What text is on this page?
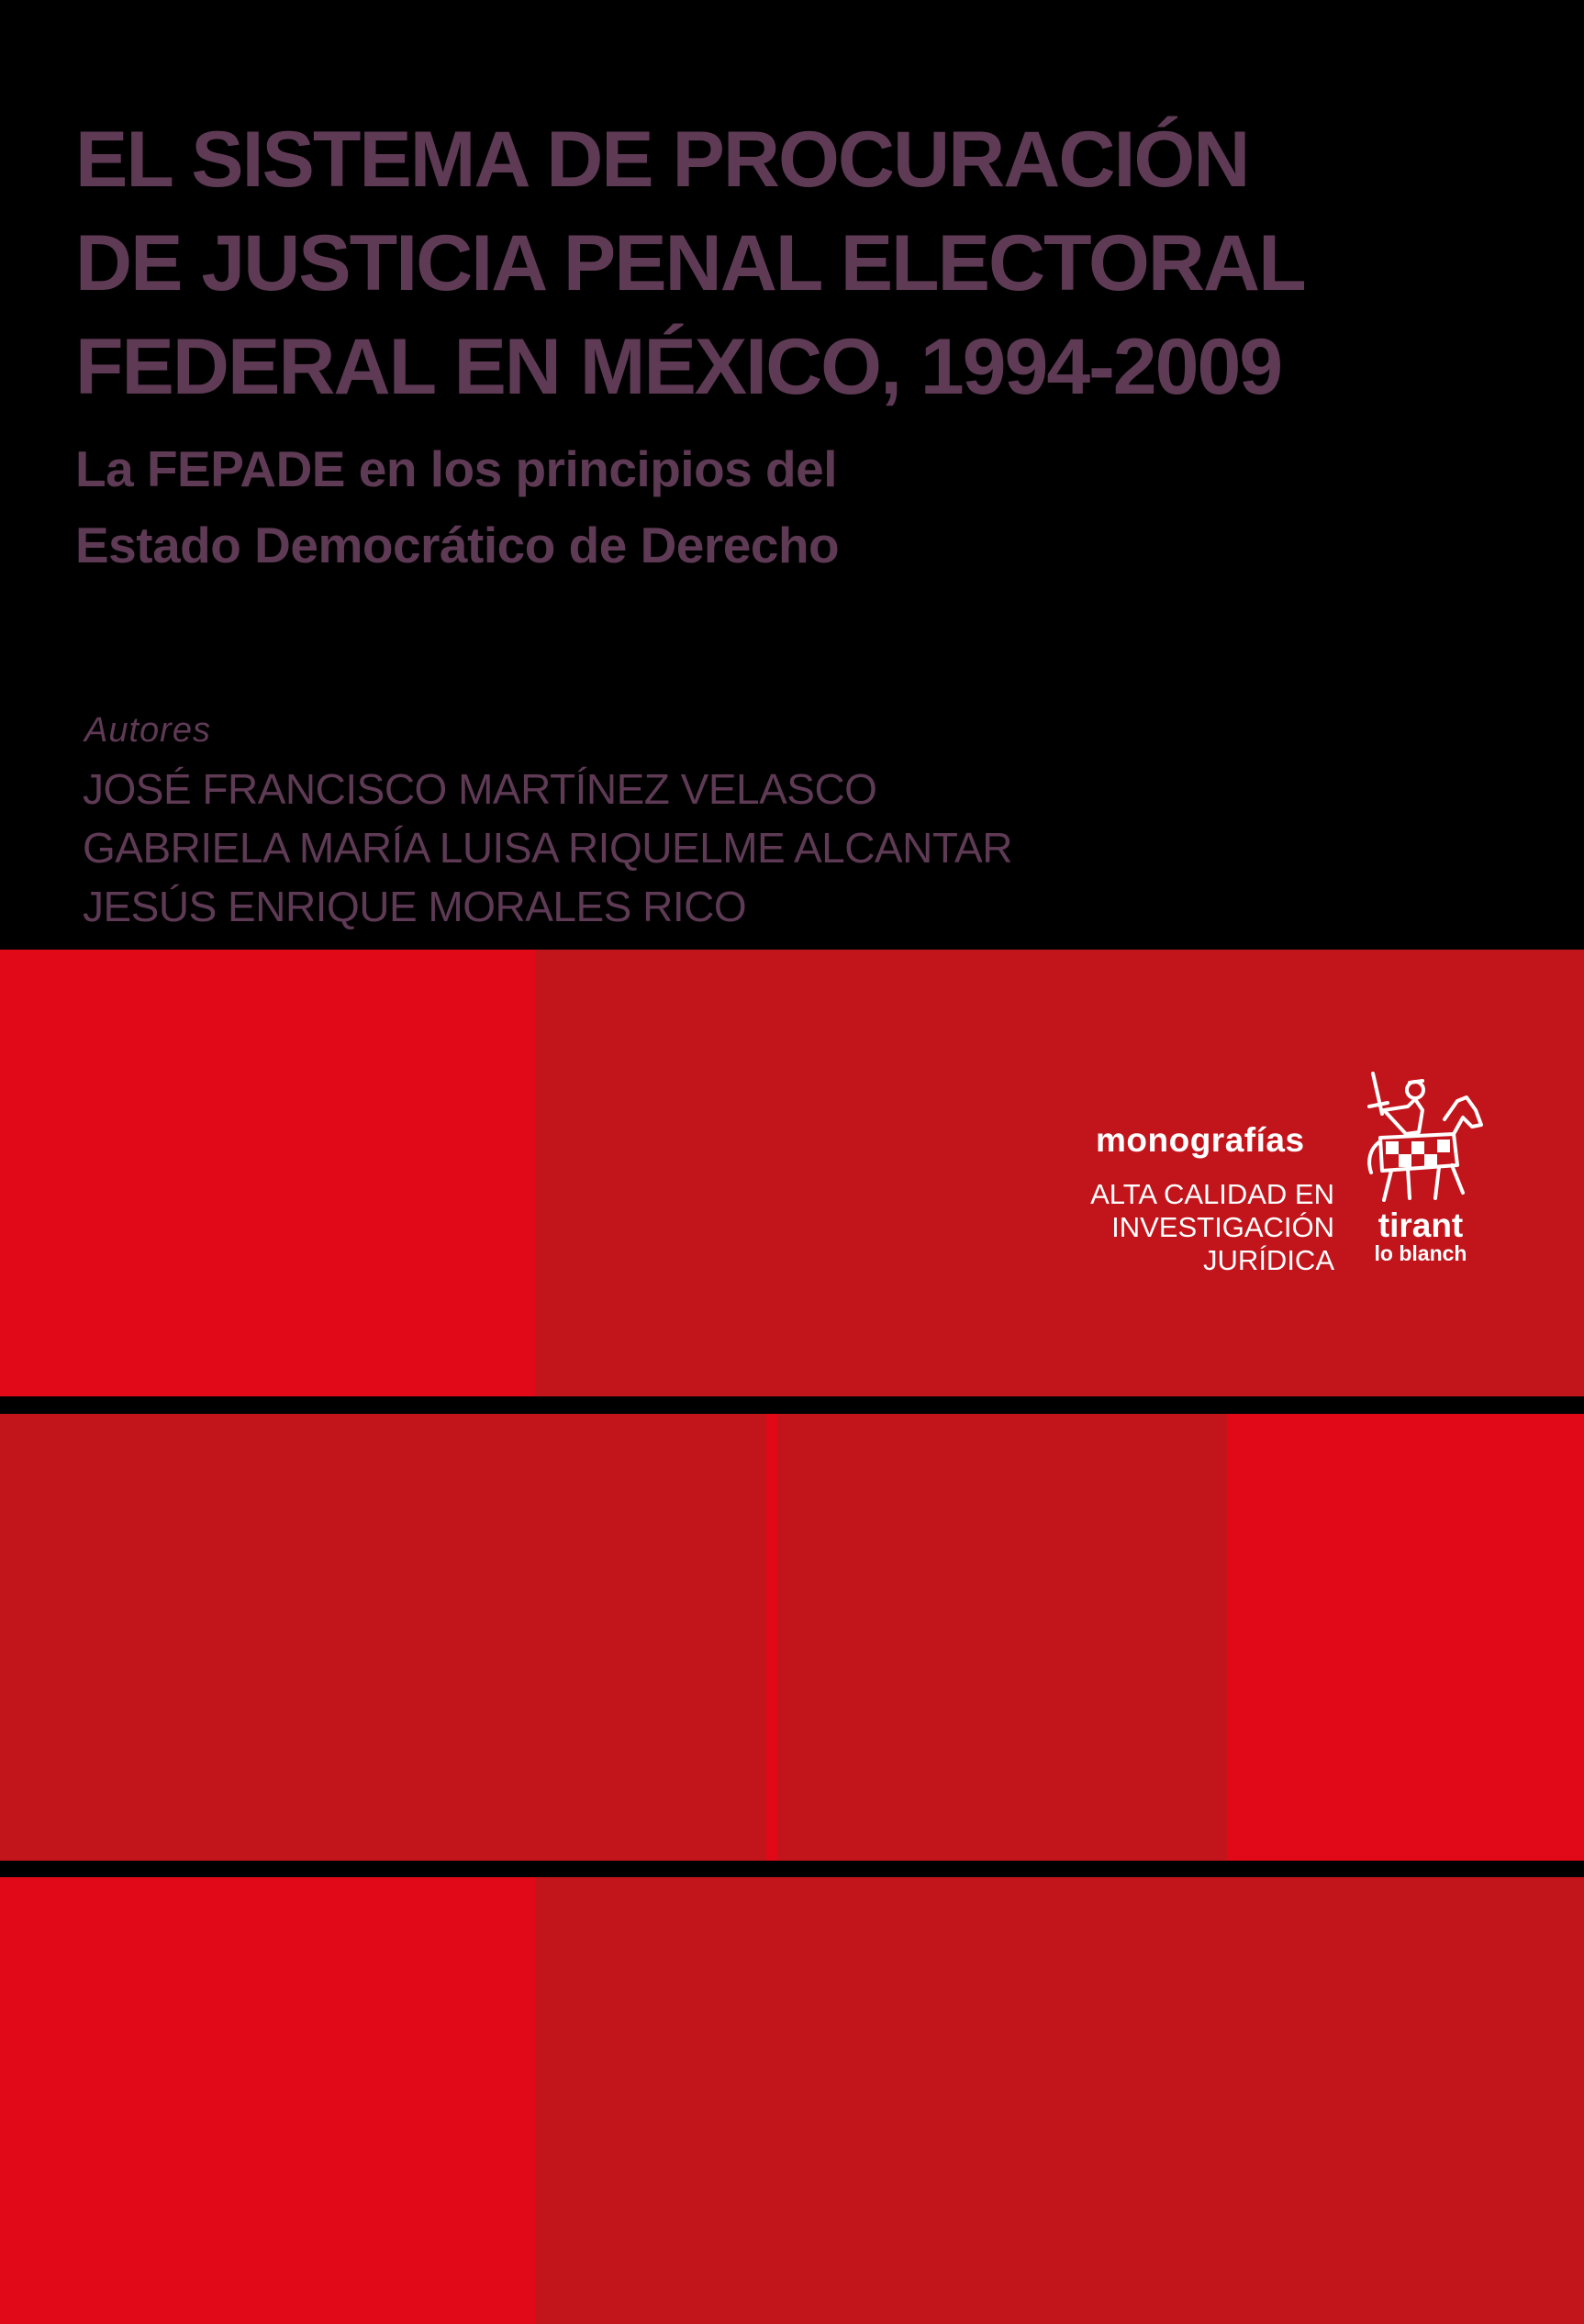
EL SISTEMA DE PROCURACIÓN
DE JUSTICIA PENAL ELECTORAL
FEDERAL EN MÉXICO, 1994-2009
La FEPADE en los principios del
Estado Democrático de Derecho
Autores
JOSÉ FRANCISCO MARTÍNEZ VELASCO
GABRIELA MARÍA LUISA RIQUELME ALCANTAR
JESÚS ENRIQUE MORALES RICO
monografías
ALTA CALIDAD EN
INVESTIGACIÓN
JURÍDICA
tirant
lo blanch
